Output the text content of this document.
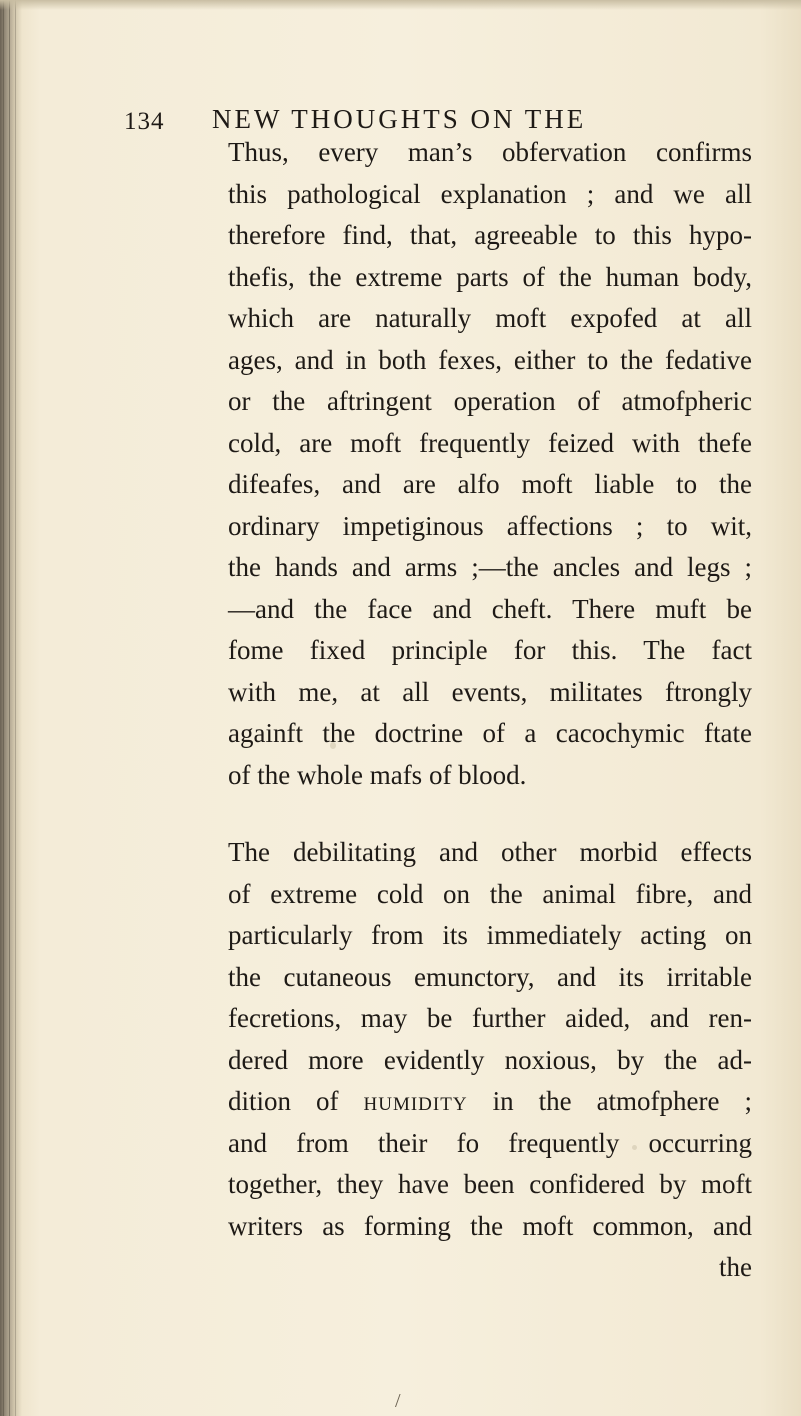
134 NEW THOUGHTS ON THE
Thus, every man’s obfervation confirms
this pathological explanation ; and we all
therefore find, that, agreeable to this hypo-
thefis, the extreme parts of the human body,
which are naturally moft expofed at all
ages, and in both fexes, either to the fedative
or the aftringent operation of atmofpheric
cold, are moft frequently feized with thefe
difeafes, and are alfo moft liable to the
ordinary impetiginous affections ; to wit,
the hands and arms ;—the ancles and legs ;
—and the face and cheft. There muft be
fome fixed principle for this. The fact
with me, at all events, militates ftrongly
againft the doctrine of a cacochymic ftate
of the whole mafs of blood.
The debilitating and other morbid effects
of extreme cold on the animal fibre, and
particularly from its immediately acting on
the cutaneous emunctory, and its irritable
fecretions, may be further aided, and ren-
dered more evidently noxious, by the ad-
dition of humidity in the atmofphere ;
and from their fo frequently occurring
together, they have been confidered by moft
writers as forming the moft common, and
the
/
